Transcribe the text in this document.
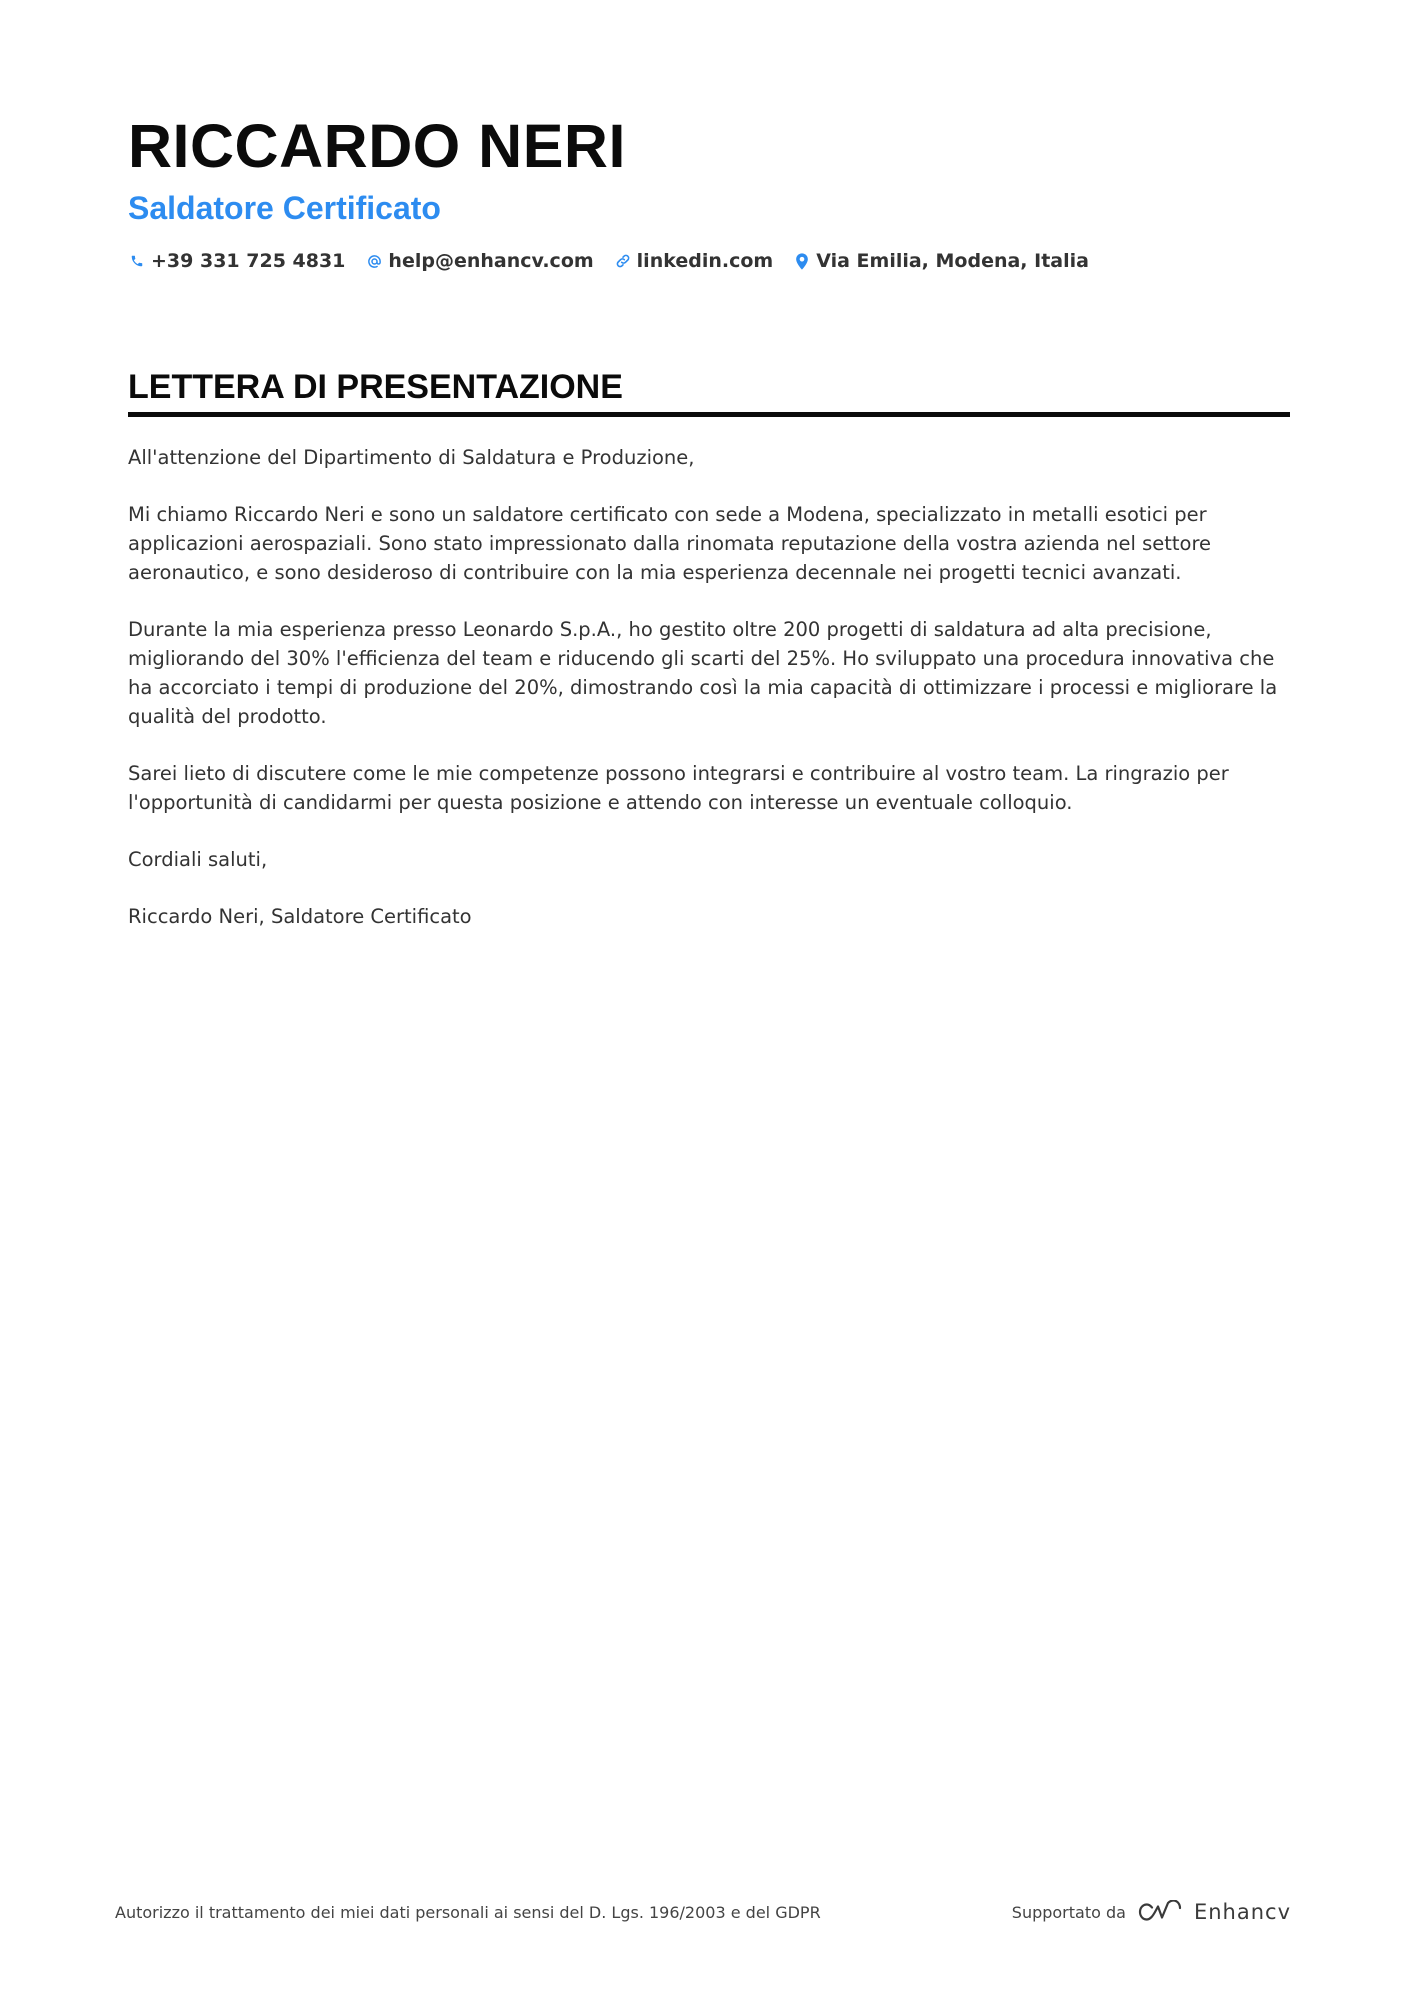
RICCARDO NERI
Saldatore Certificato
+39 331 725 4831 help@enhancv.com linkedin.com Via Emilia, Modena, Italia
LETTERA DI PRESENTAZIONE

All'attenzione del Dipartimento di Saldatura e Produzione,

Mi chiamo Riccardo Neri e sono un saldatore certificato con sede a Modena, specializzato in metalli esotici per applicazioni aerospaziali. Sono stato impressionato dalla rinomata reputazione della vostra azienda nel settore aeronautico, e sono desideroso di contribuire con la mia esperienza decennale nei progetti tecnici avanzati.

Durante la mia esperienza presso Leonardo S.p.A., ho gestito oltre 200 progetti di saldatura ad alta precisione, migliorando del 30% l'efficienza del team e riducendo gli scarti del 25%. Ho sviluppato una procedura innovativa che ha accorciato i tempi di produzione del 20%, dimostrando così la mia capacità di ottimizzare i processi e migliorare la qualità del prodotto.

Sarei lieto di discutere come le mie competenze possono integrarsi e contribuire al vostro team. La ringrazio per l'opportunità di candidarmi per questa posizione e attendo con interesse un eventuale colloquio.

Cordiali saluti,

Riccardo Neri, Saldatore Certificato

Autorizzo il trattamento dei miei dati personali ai sensi del D. Lgs. 196/2003 e del GDPR	Supportato da	Enhancv
